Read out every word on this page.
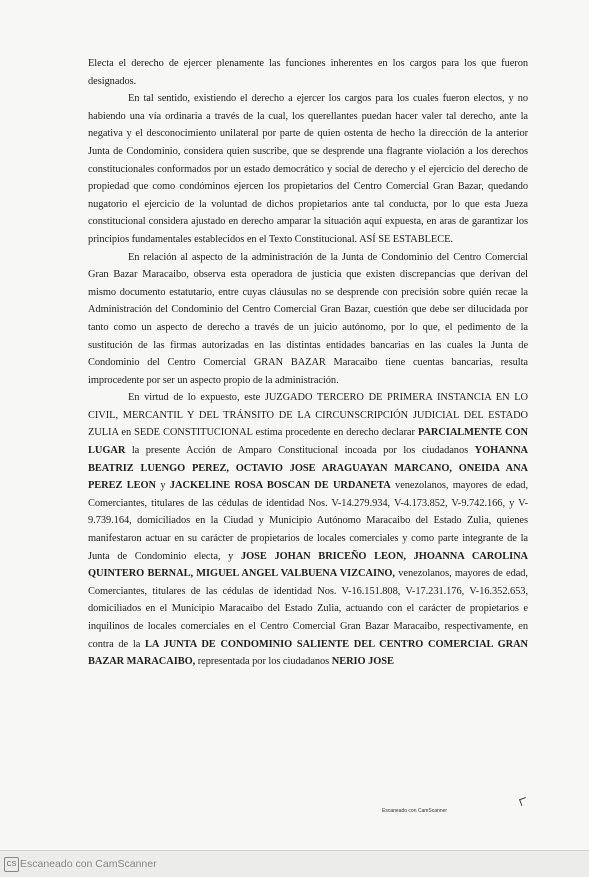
Electa el derecho de ejercer plenamente las funciones inherentes en los cargos para los que fueron designados.

En tal sentido, existiendo el derecho a ejercer los cargos para los cuales fueron electos, y no habiendo una vía ordinaria a través de la cual, los querellantes puedan hacer valer tal derecho, ante la negativa y el desconocimiento unilateral por parte de quien ostenta de hecho la dirección de la anterior Junta de Condominio, considera quien suscribe, que se desprende una flagrante violación a los derechos constitucionales conformados por un estado democrático y social de derecho y el ejercicio del derecho de propiedad que como condóminos ejercen los propietarios del Centro Comercial Gran Bazar, quedando nugatorio el ejercicio de la voluntad de dichos propietarios ante tal conducta, por lo que esta Jueza constitucional considera ajustado en derecho amparar la situación aquí expuesta, en aras de garantizar los principios fundamentales establecidos en el Texto Constitucional. ASÍ SE ESTABLECE.

En relación al aspecto de la administración de la Junta de Condominio del Centro Comercial Gran Bazar Maracaibo, observa esta operadora de justicia que existen discrepancias que derivan del mismo documento estatutario, entre cuyas cláusulas no se desprende con precisión sobre quién recae la Administración del Condominio del Centro Comercial Gran Bazar, cuestión que debe ser dilucidada por tanto como un aspecto de derecho a través de un juicio autónomo, por lo que, el pedimento de la sustitución de las firmas autorizadas en las distintas entidades bancarias en las cuales la Junta de Condominio del Centro Comercial GRAN BAZAR Maracaibo tiene cuentas bancarias, resulta improcedente por ser un aspecto propio de la administración.

En virtud de lo expuesto, este JUZGADO TERCERO DE PRIMERA INSTANCIA EN LO CIVIL, MERCANTIL Y DEL TRÁNSITO DE LA CIRCUNSCRIPCIÓN JUDICIAL DEL ESTADO ZULIA en SEDE CONSTITUCIONAL estima procedente en derecho declarar PARCIALMENTE CON LUGAR la presente Acción de Amparo Constitucional incoada por los ciudadanos YOHANNA BEATRIZ LUENGO PEREZ, OCTAVIO JOSE ARAGUAYAN MARCANO, ONEIDA ANA PEREZ LEON y JACKELINE ROSA BOSCAN DE URDANETA venezolanos, mayores de edad, Comerciantes, titulares de las cédulas de identidad Nos. V-14.279.934, V-4.173.852, V-9.742.166, y V-9.739.164, domiciliados en la Ciudad y Municipio Autónomo Maracaibo del Estado Zulia, quienes manifestaron actuar en su carácter de propietarios de locales comerciales y como parte integrante de la Junta de Condominio electa, y JOSE JOHAN BRICEÑO LEON, JHOANNA CAROLINA QUINTERO BERNAL, MIGUEL ANGEL VALBUENA VIZCAINO, venezolanos, mayores de edad, Comerciantes, titulares de las cédulas de identidad Nos. V-16.151.808, V-17.231.176, V-16.352.653, domiciliados en el Municipio Maracaibo del Estado Zulia, actuando con el carácter de propietarios e inquilinos de locales comerciales en el Centro Comercial Gran Bazar Maracaibo, respectivamente, en contra de la LA JUNTA DE CONDOMINIO SALIENTE DEL CENTRO COMERCIAL GRAN BAZAR MARACAIBO, representada por los ciudadanos NERIO JOSE

Escaneado con CamScanner
CS Escaneado con CamScanner
